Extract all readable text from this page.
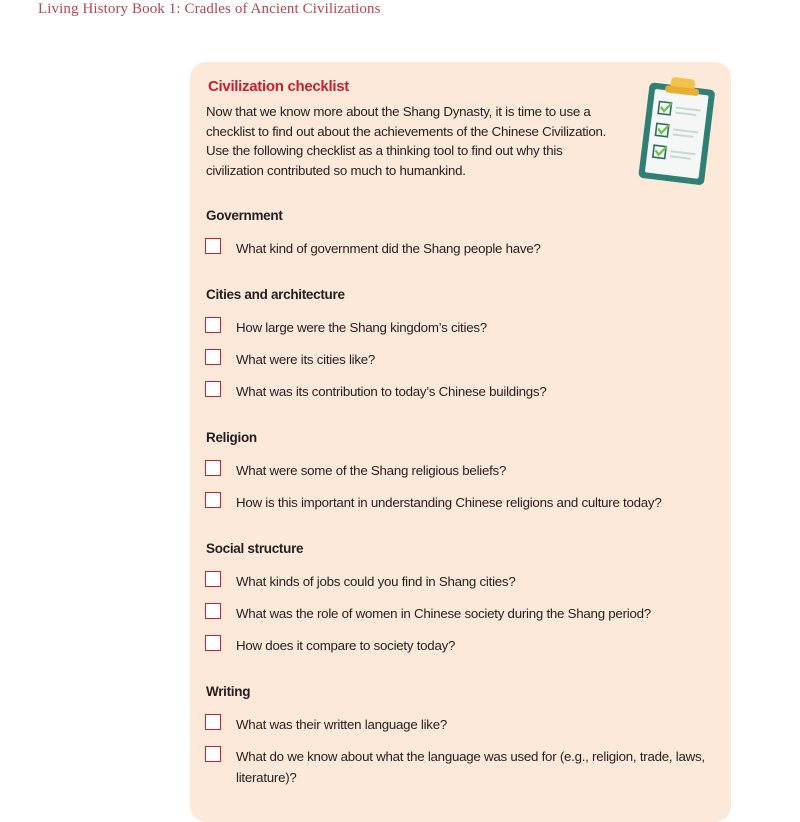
Living History Book 1: Cradles of Ancient Civilizations
Civilization checklist
Now that we know more about the Shang Dynasty, it is time to use a checklist to find out about the achievements of the Chinese Civilization. Use the following checklist as a thinking tool to find out why this civilization contributed so much to humankind.
Government
What kind of government did the Shang people have?
Cities and architecture
How large were the Shang kingdom’s cities?
What were its cities like?
What was its contribution to today’s Chinese buildings?
Religion
What were some of the Shang religious beliefs?
How is this important in understanding Chinese religions and culture today?
Social structure
What kinds of jobs could you find in Shang cities?
What was the role of women in Chinese society during the Shang period?
How does it compare to society today?
Writing
What was their written language like?
What do we know about what the language was used for (e.g., religion, trade, laws, literature)?
